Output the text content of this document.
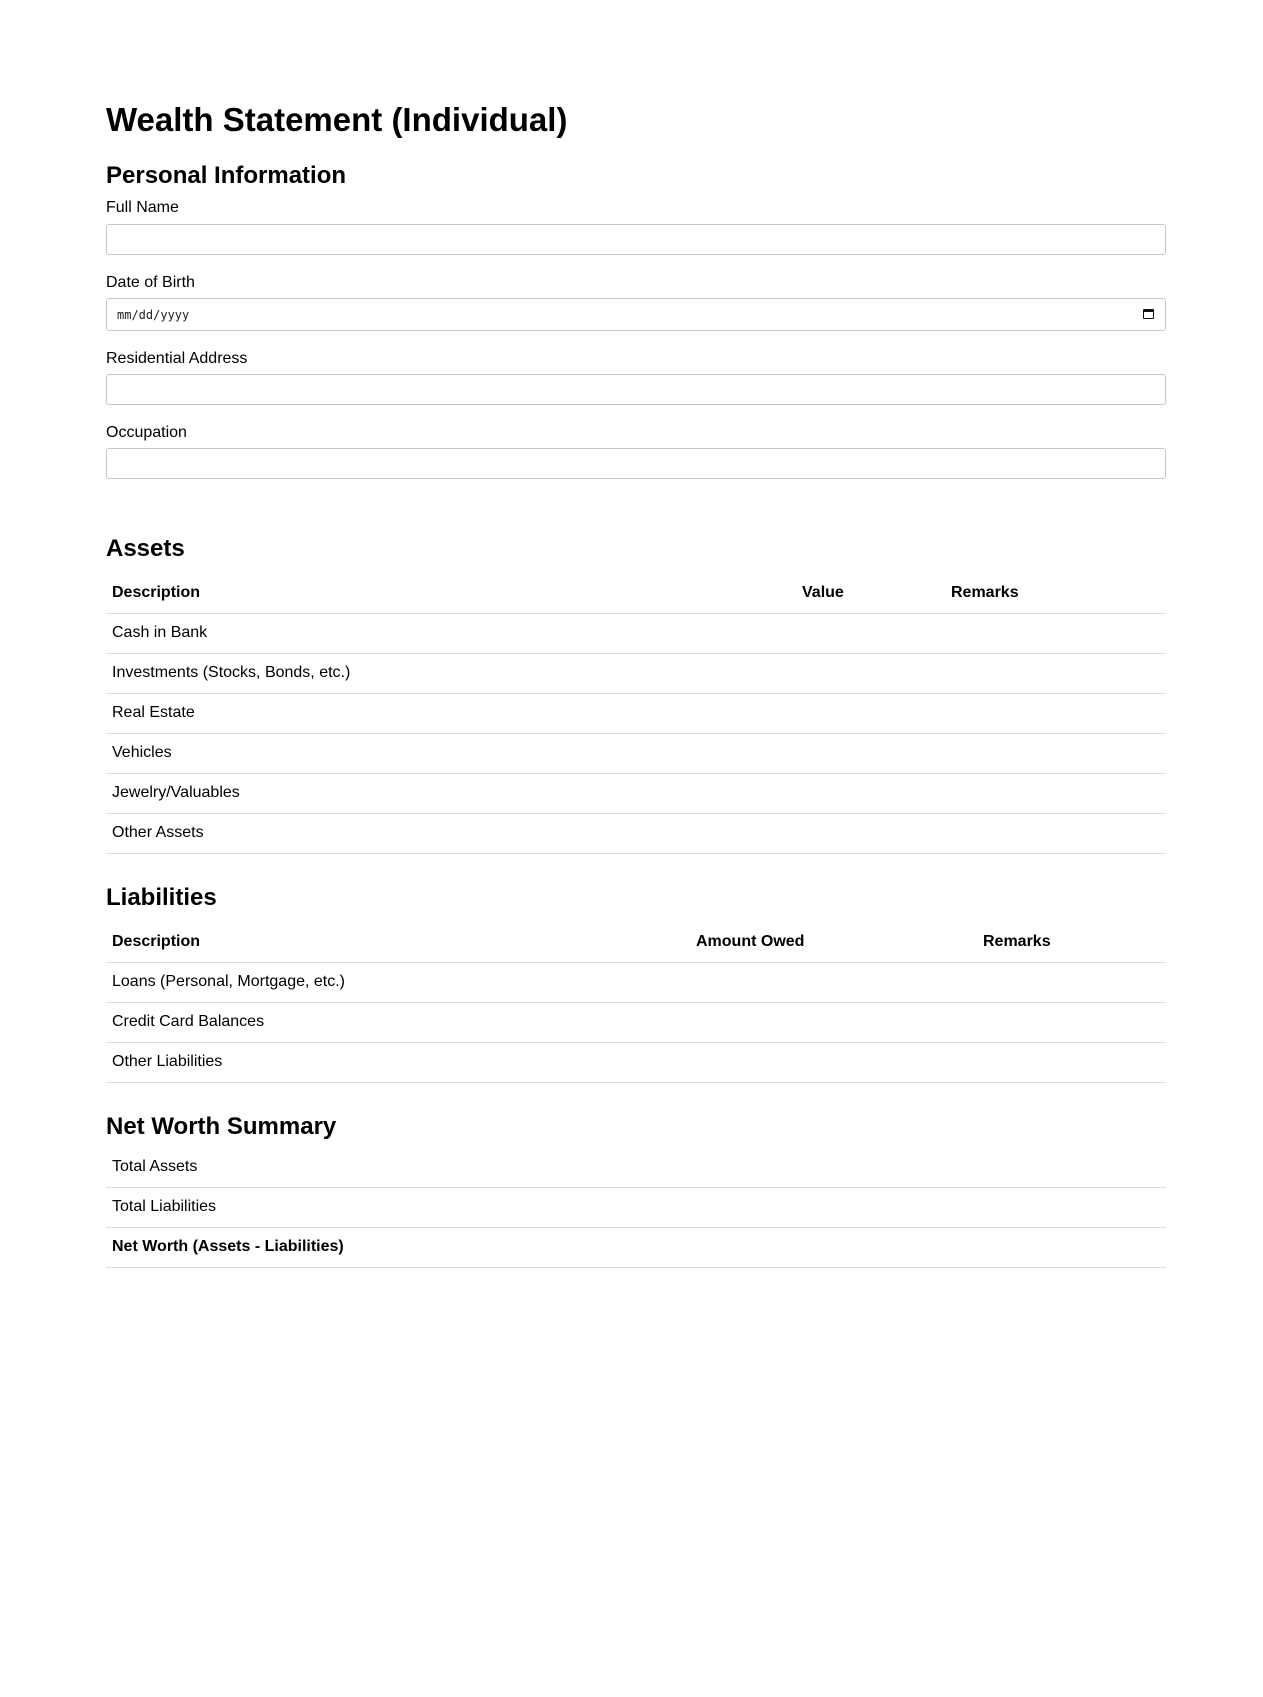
Wealth Statement (Individual)
Personal Information
Full Name
Date of Birth
mm/dd/yyyy
Residential Address
Occupation
Assets
Description	Value	Remarks
Cash in Bank		
Investments (Stocks, Bonds, etc.)		
Real Estate		
Vehicles		
Jewelry/Valuables		
Other Assets		
Liabilities
Description	Amount Owed	Remarks
Loans (Personal, Mortgage, etc.)		
Credit Card Balances		
Other Liabilities		
Net Worth Summary
Total Assets	
Total Liabilities	
Net Worth (Assets - Liabilities)	
